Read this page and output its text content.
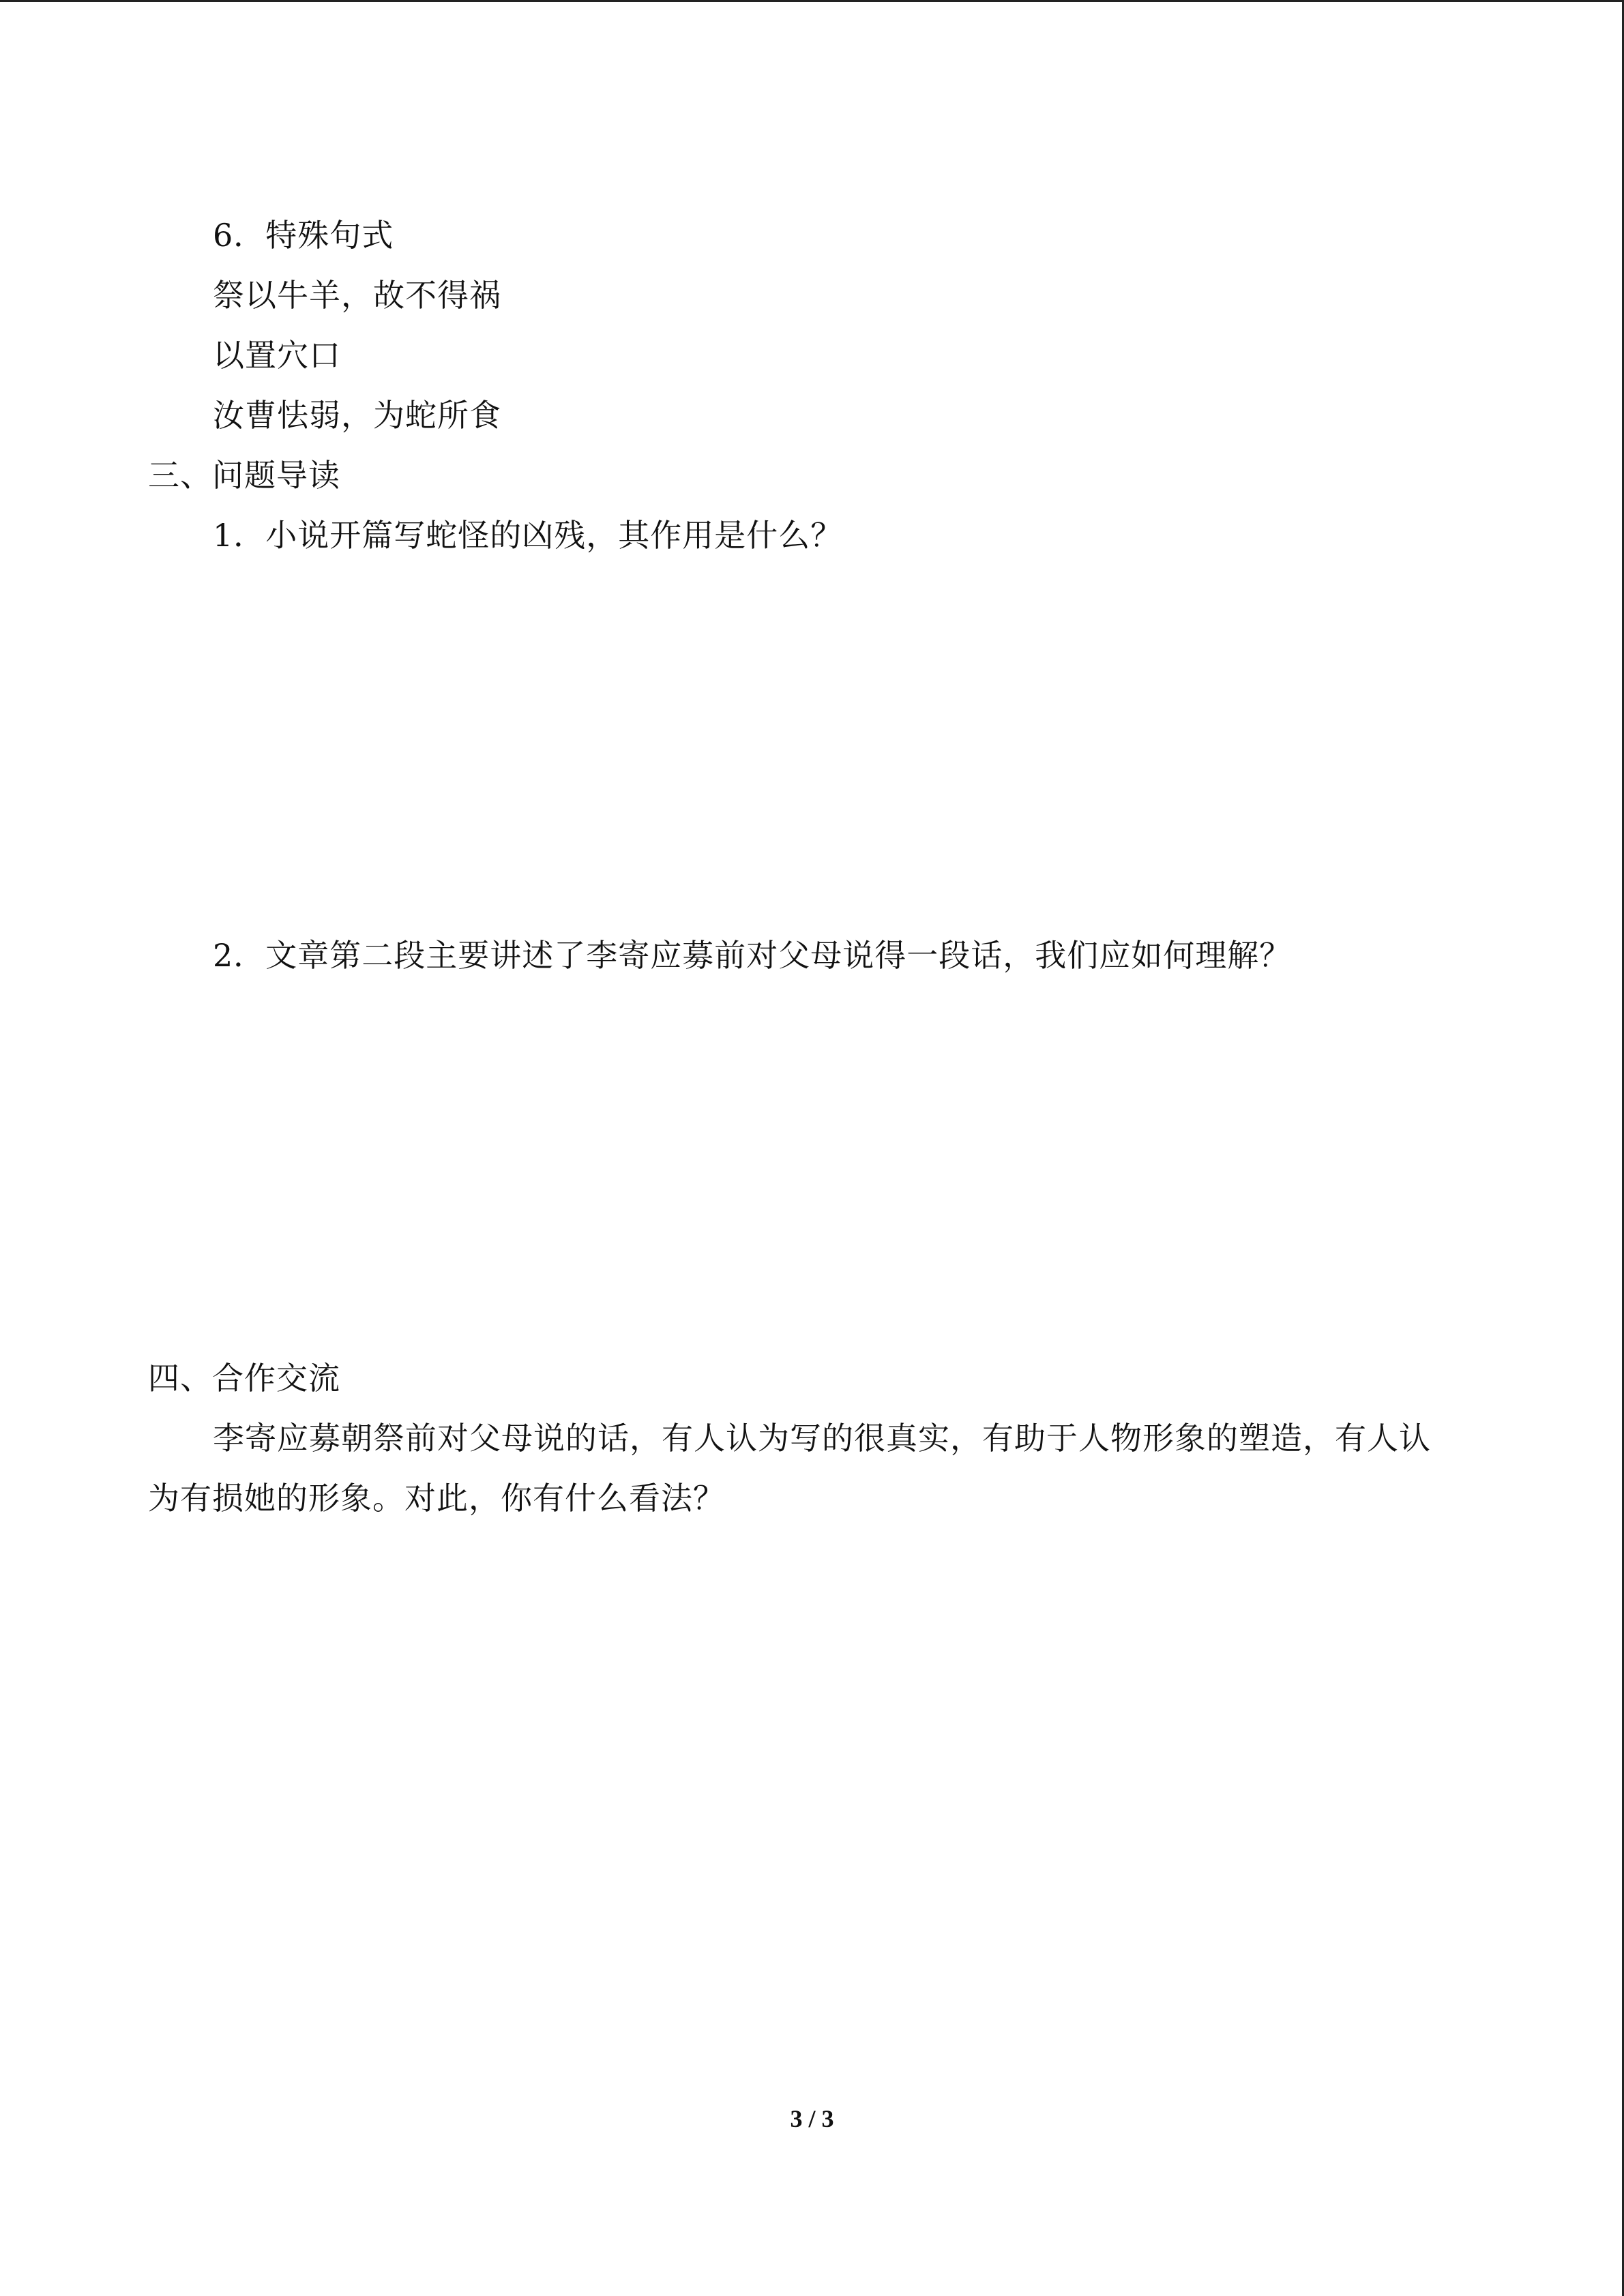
6．特殊句式
祭以牛羊，故不得祸
以置穴口
汝曹怯弱，为蛇所食
三、问题导读
1．小说开篇写蛇怪的凶残，其作用是什么？
2．文章第二段主要讲述了李寄应募前对父母说得一段话，我们应如何理解？
四、合作交流
李寄应募朝祭前对父母说的话，有人认为写的很真实，有助于人物形象的塑造，有人认
为有损她的形象。对此，你有什么看法？
3 / 3
